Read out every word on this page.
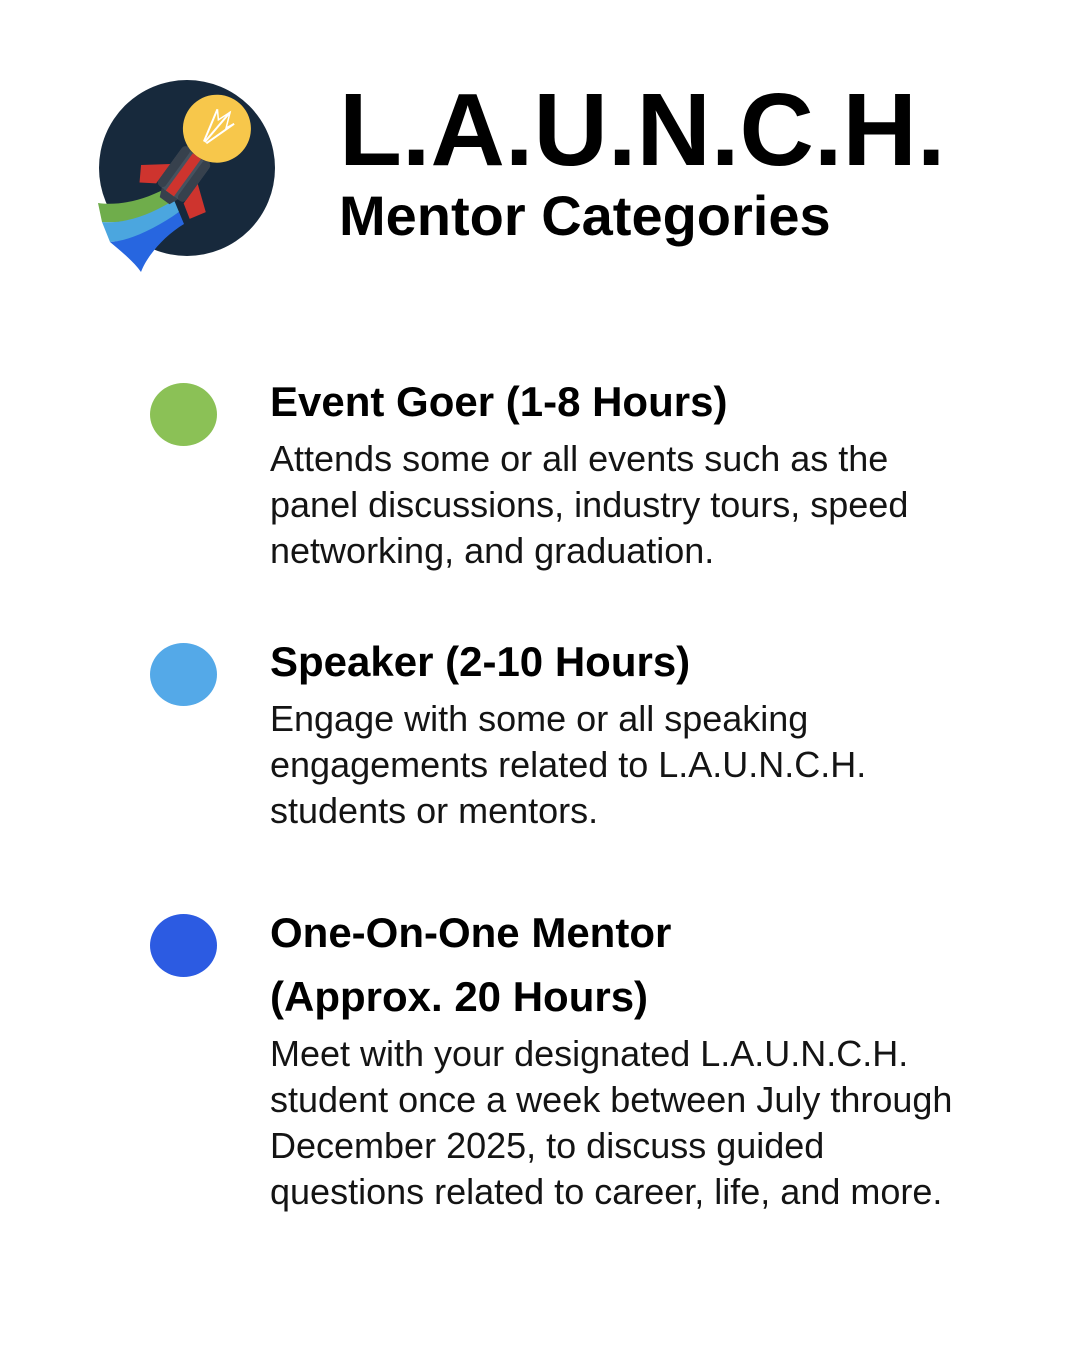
L.A.U.N.C.H.
Mentor Categories
Event Goer (1-8 Hours)

Attends some or all events such as the panel discussions, industry tours, speed networking, and graduation.

Speaker (2-10 Hours)

Engage with some or all speaking engagements related to L.A.U.N.C.H. students or mentors.

One-On-One Mentor (Approx. 20 Hours)

Meet with your designated L.A.U.N.C.H. student once a week between July through December 2025, to discuss guided questions related to career, life, and more.
